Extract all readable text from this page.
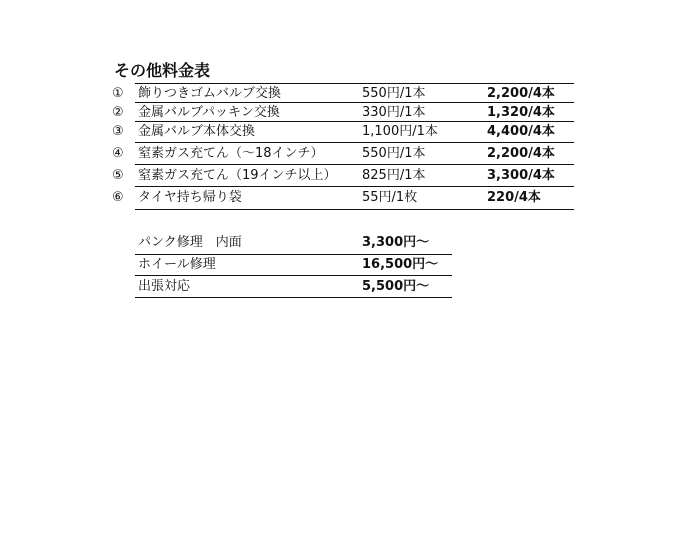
その他料金表
① 飾りつきゴムバルブ交換	550円/1本	2,200/4本
② 金属バルブパッキン交換	330円/1本	1,320/4本
③ 金属バルブ本体交換	1,100円/1本	4,400/4本
④ 窒素ガス充てん（〜18インチ）	550円/1本	2,200/4本
⑤ 窒素ガス充てん（19インチ以上） 825円/1本	3,300/4本
⑥ タイヤ持ち帰り袋	55円/1枚	220/4本
パンク修理　内面	3,300円〜
ホイール修理	16,500円〜
出張対応	5,500円〜
